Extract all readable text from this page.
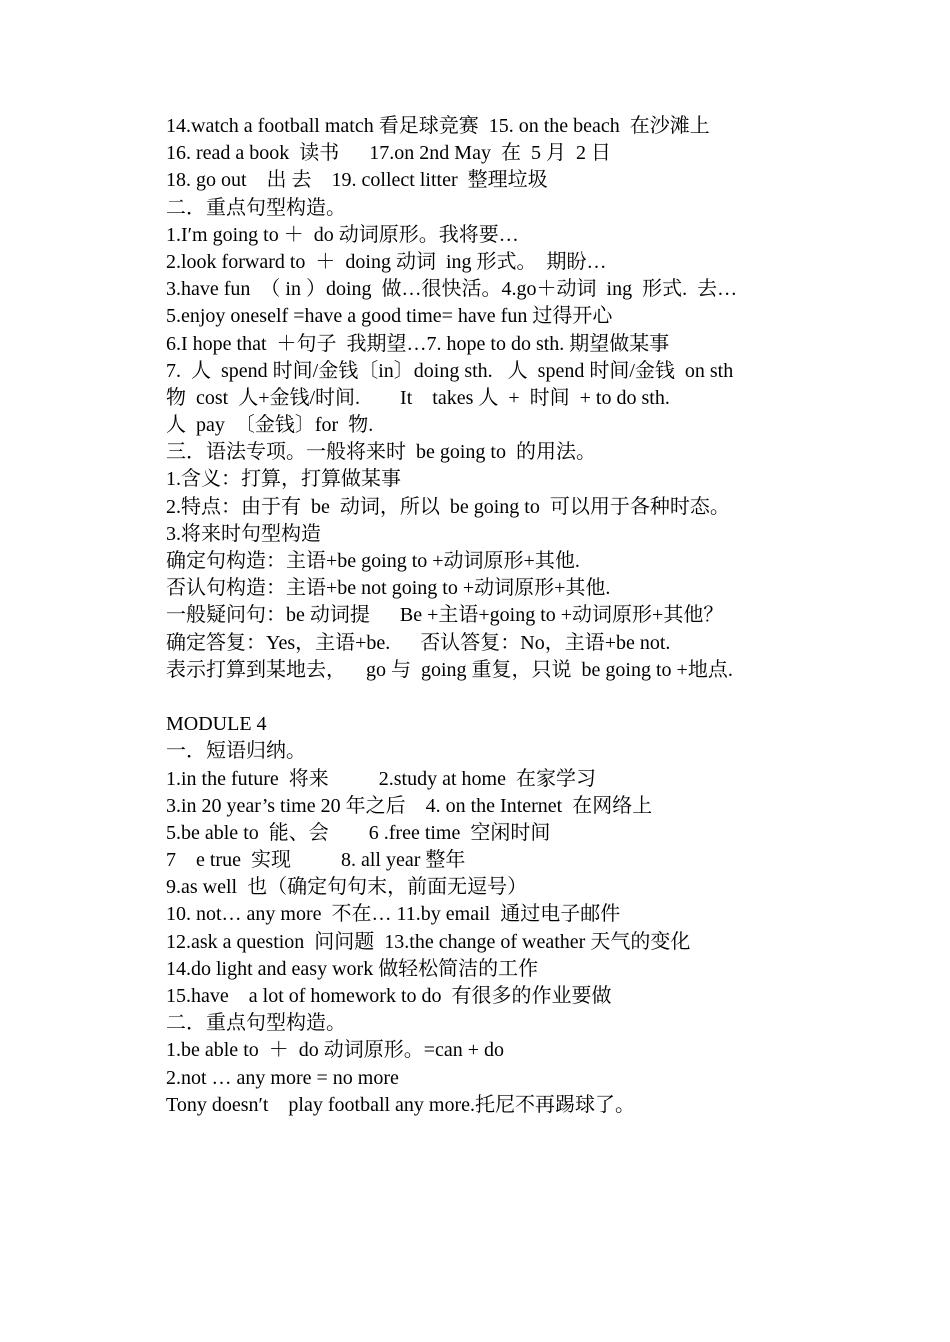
14.watch a football match 看足球竞赛  15. on the beach  在沙滩上
16. read a book  读书      17.on 2nd May  在  5 月  2 日
18. go out    出 去    19. collect litter  整理垃圾
二．重点句型构造。
1.I′m going to ＋  do 动词原形。我将要…
2.look forward to  ＋  doing 动词  ing 形式。  期盼…
3.have fun  （ in ）doing  做…很快活。4.go＋动词  ing  形式.  去…
5.enjoy oneself =have a good time= have fun 过得开心
6.I hope that  ＋句子  我期望…7. hope to do sth. 期望做某事
7.  人  spend 时间/金钱〔in〕doing sth.   人  spend 时间/金钱  on sth
物  cost  人+金钱/时间.        It    takes 人  +  时间  + to do sth.
人  pay  〔金钱〕for  物.
三．语法专项。一般将来时  be going to  的用法。
1.含义：打算，打算做某事
2.特点：由于有  be  动词，所以  be going to  可以用于各种时态。
3.将来时句型构造
确定句构造：主语+be going to +动词原形+其他.
否认句构造：主语+be not going to +动词原形+其他.
一般疑问句：be 动词提      Be +主语+going to +动词原形+其他？
确定答复：Yes，主语+be.      否认答复：No，主语+be not.
表示打算到某地去，    go 与  going 重复，只说  be going to +地点.
MODULE 4
一．短语归纳。
1.in the future  将来          2.study at home  在家学习
3.in 20 year’s time 20 年之后    4. on the Internet  在网络上
5.be able to  能、会        6 .free time  空闲时间
7    e true  实现          8. all year 整年
9.as well  也（确定句句末，前面无逗号）
10. not… any more  不在… 11.by email  通过电子邮件
12.ask a question  问问题  13.the change of weather 天气的变化
14.do light and easy work 做轻松简洁的工作
15.have    a lot of homework to do  有很多的作业要做
二．重点句型构造。
1.be able to  ＋  do 动词原形。=can + do
2.not … any more = no more
Tony doesn′t    play football any more.托尼不再踢球了。
